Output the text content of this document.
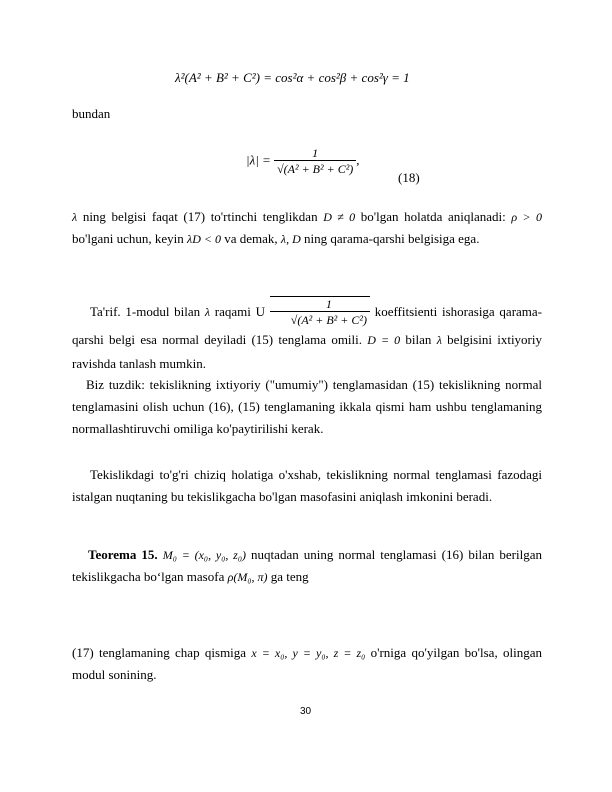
λ²(A² + B² + C²) = cos²α + cos²β + cos²γ = 1
bundan
$|\lambda| = \frac{1}{\text{√(A² + B² + C²)}}$ ,
(18)
λ ning belgisi faqat (17) to'rtinchi tenglikdan D ≠ 0 bo'lgan holatda aniqlanadi: ρ > 0 bo'lgani uchun, keyin λD < 0 va demak, λ, D ning qarama-qarshi belgisiga ega.
Ta'rif. 1-modul bilan λ raqami U $\frac{1}{\text{√(A² + B² + C²)}}$ koeffitsienti ishorasiga qarama-qarshi belgi esa normal deyiladi (15) tenglama omili. D = 0 bilan λ belgisini ixtiyoriy ravishda tanlash mumkin.
Biz tuzdik: tekislikning ixtiyoriy ("umumiy") tenglamasidan (15) tekislikning normal tenglamasini olish uchun (16), (15) tenglamaning ikkala qismi ham ushbu tenglamaning normallashtiruvchi omiliga ko'paytirilishi kerak.
Tekislikdagi to'g'ri chiziq holatiga o'xshab, tekislikning normal tenglamasi fazodagi istalgan nuqtaning bu tekislikgacha bo'lgan masofasini aniqlash imkonini beradi.
Teorema 15. M₀ = (x₀, y₀, z₀) nuqtadan uning normal tenglamasi (16) bilan berilgan tekislikgacha bo‘lgan masofa ρ(M₀, π) ga teng
(17) tenglamaning chap qismiga x = x₀, y = y₀, z = z₀ o'rniga qo'yilgan bo'lsa, olingan modul sonining.
30
